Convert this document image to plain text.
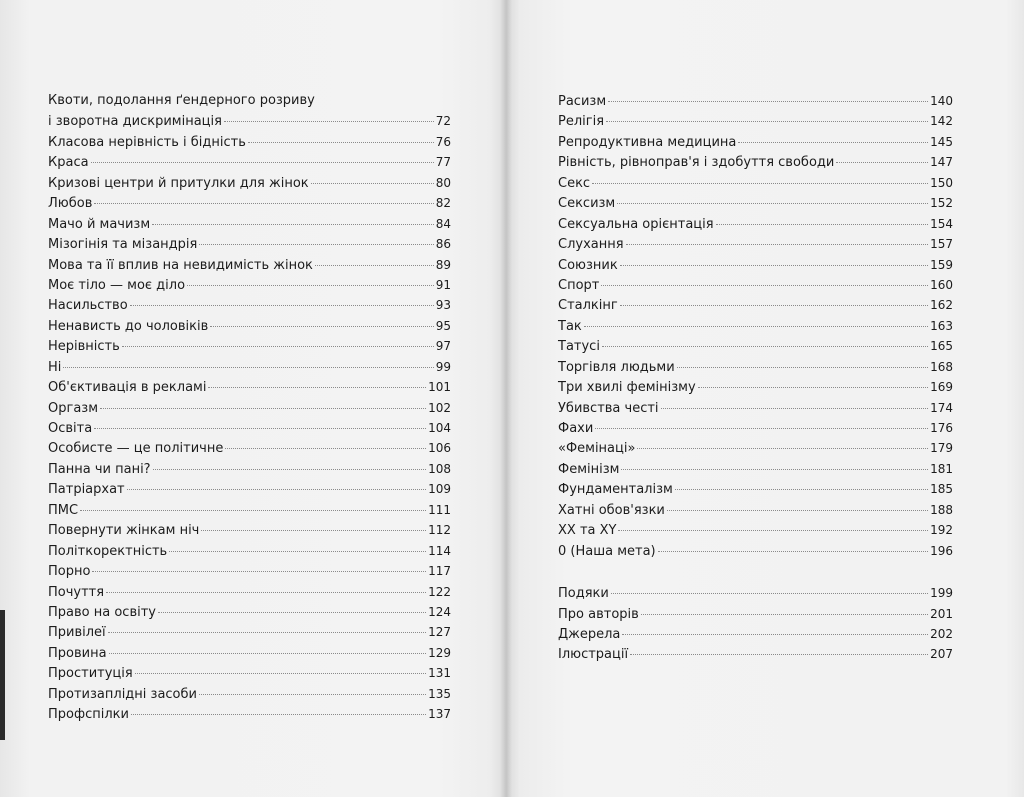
Квоти, подолання ґендерного розриву
і зворотна дискримінація	72
Класова нерівність і бідність	76
Краса	77
Кризові центри й притулки для жінок	80
Любов	82
Мачо й мачизм	84
Мізогінія та мізандрія	86
Мова та її вплив на невидимість жінок	89
Моє тіло — моє діло	91
Насильство	93
Ненависть до чоловіків	95
Нерівність	97
Ні	99
Об'єктивація в рекламі	101
Оргазм	102
Освіта	104
Особисте — це політичне	106
Панна чи пані?	108
Патріархат	109
ПМС	111
Повернути жінкам ніч	112
Політкоректність	114
Порно	117
Почуття	122
Право на освіту	124
Привілеї	127
Провина	129
Проституція	131
Протизаплідні засоби	135
Профспілки	137
Расизм	140
Релігія	142
Репродуктивна медицина	145
Рівність, рівноправ'я і здобуття свободи	147
Секс	150
Сексизм	152
Сексуальна орієнтація	154
Слухання	157
Союзник	159
Спорт	160
Сталкінг	162
Так	163
Татусі	165
Торгівля людьми	168
Три хвилі фемінізму	169
Убивства честі	174
Фахи	176
«Фемінаці»	179
Фемінізм	181
Фундаменталізм	185
Хатні обов'язки	188
XX та XY	192
0 (Наша мета)	196
Подяки	199
Про авторів	201
Джерела	202
Ілюстрації	207
